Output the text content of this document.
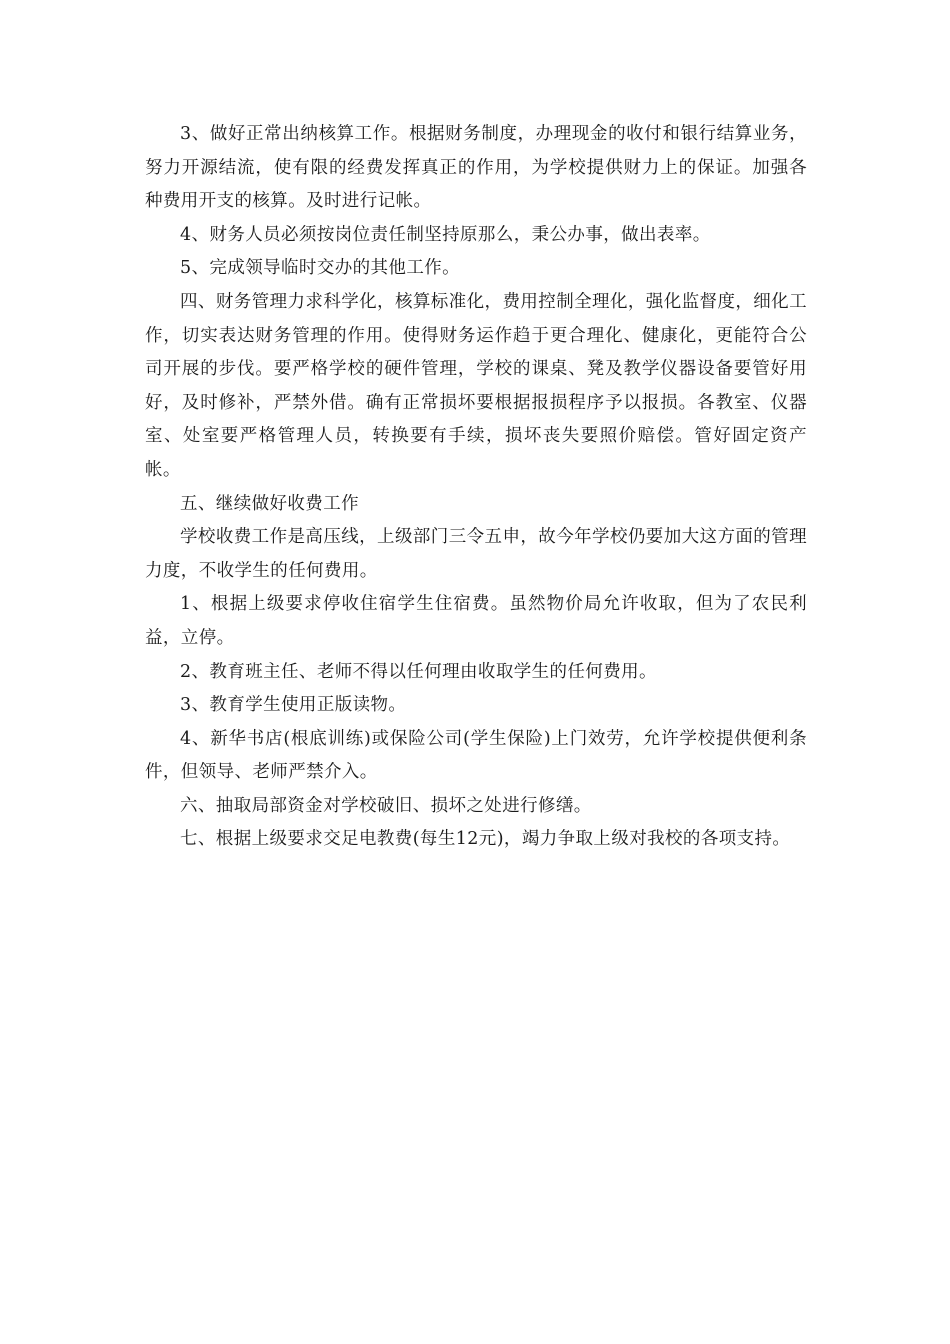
3、做好正常出纳核算工作。根据财务制度，办理现金的收付和银行结算业务，努力开源结流，使有限的经费发挥真正的作用，为学校提供财力上的保证。加强各种费用开支的核算。及时进行记帐。

4、财务人员必须按岗位责任制坚持原那么，秉公办事，做出表率。

5、完成领导临时交办的其他工作。

四、财务管理力求科学化，核算标准化，费用控制全理化，强化监督度，细化工作，切实表达财务管理的作用。使得财务运作趋于更合理化、健康化，更能符合公司开展的步伐。要严格学校的硬件管理，学校的课桌、凳及教学仪器设备要管好用好，及时修补，严禁外借。确有正常损坏要根据报损程序予以报损。各教室、仪器室、处室要严格管理人员，转换要有手续，损坏丧失要照价赔偿。管好固定资产帐。

五、继续做好收费工作

学校收费工作是高压线，上级部门三令五申，故今年学校仍要加大这方面的管理力度，不收学生的任何费用。

1、根据上级要求停收住宿学生住宿费。虽然物价局允许收取，但为了农民利益，立停。

2、教育班主任、老师不得以任何理由收取学生的任何费用。

3、教育学生使用正版读物。

4、新华书店(根底训练)或保险公司(学生保险)上门效劳，允许学校提供便利条件，但领导、老师严禁介入。

六、抽取局部资金对学校破旧、损坏之处进行修缮。

七、根据上级要求交足电教费(每生12元)，竭力争取上级对我校的各项支持。
